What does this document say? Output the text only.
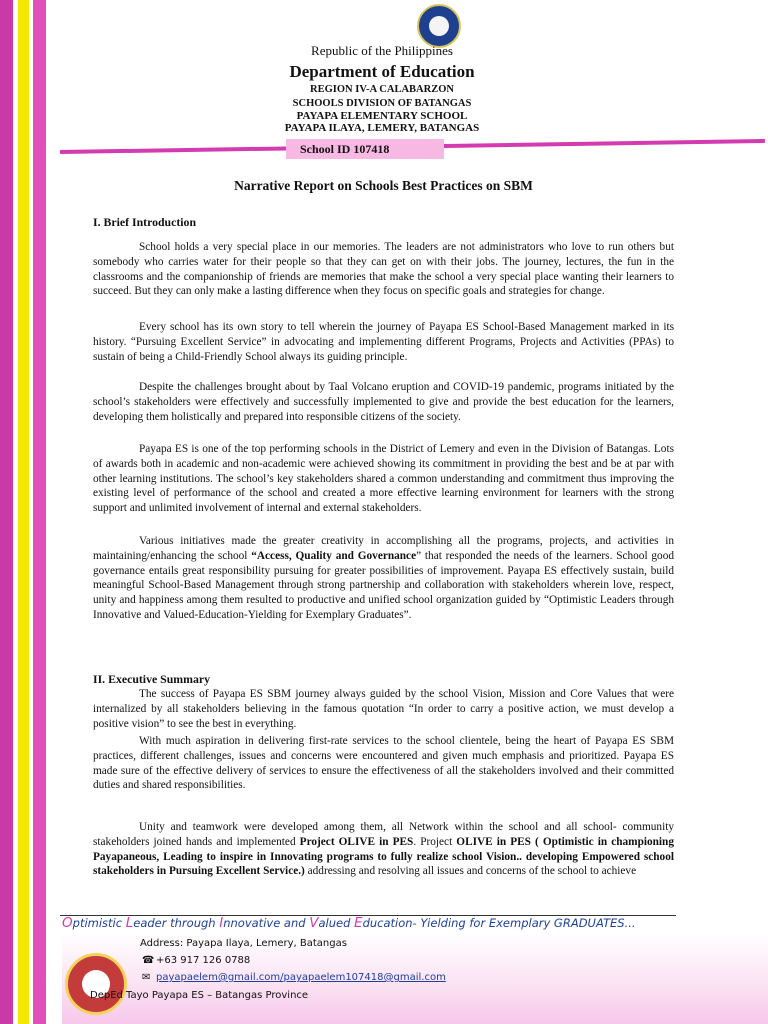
Republic of the Philippines
Department of Education
REGION IV-A CALABARZON
SCHOOLS DIVISION OF BATANGAS
PAYAPA ELEMENTARY SCHOOL
PAYAPA ILAYA, LEMERY, BATANGAS
School ID 107418
Narrative Report on Schools Best Practices on SBM
I. Brief Introduction

School holds a very special place in our memories. The leaders are not administrators who love to run others but somebody who carries water for their people so that they can get on with their jobs. The journey, lectures, the fun in the classrooms and the companionship of friends are memories that make the school a very special place wanting their learners to succeed. But they can only make a lasting difference when they focus on specific goals and strategies for change.

Every school has its own story to tell wherein the journey of Payapa ES School-Based Management marked in its history. “Pursuing Excellent Service” in advocating and implementing different Programs, Projects and Activities (PPAs) to sustain of being a Child-Friendly School always its guiding principle.

Despite the challenges brought about by Taal Volcano eruption and COVID-19 pandemic, programs initiated by the school’s stakeholders were effectively and successfully implemented to give and provide the best education for the learners, developing them holistically and prepared into responsible citizens of the society.

Payapa ES is one of the top performing schools in the District of Lemery and even in the Division of Batangas. Lots of awards both in academic and non-academic were achieved showing its commitment in providing the best and be at par with other learning institutions. The school’s key stakeholders shared a common understanding and commitment thus improving the existing level of performance of the school and created a more effective learning environment for learners with the strong support and unlimited involvement of internal and external stakeholders.

Various initiatives made the greater creativity in accomplishing all the programs, projects, and activities in maintaining/enhancing the school “Access, Quality and Governance” that responded the needs of the learners. School good governance entails great responsibility pursuing for greater possibilities of improvement. Payapa ES effectively sustain, build meaningful School-Based Management through strong partnership and collaboration with stakeholders wherein love, respect, unity and happiness among them resulted to productive and unified school organization guided by “Optimistic Leaders through Innovative and Valued-Education-Yielding for Exemplary Graduates”.

II. Executive Summary

The success of Payapa ES SBM journey always guided by the school Vision, Mission and Core Values that were internalized by all stakeholders believing in the famous quotation “In order to carry a positive action, we must develop a positive vision” to see the best in everything.

With much aspiration in delivering first-rate services to the school clientele, being the heart of Payapa ES SBM practices, different challenges, issues and concerns were encountered and given much emphasis and prioritized. Payapa ES made sure of the effective delivery of services to ensure the effectiveness of all the stakeholders involved and their committed duties and shared responsibilities.

Unity and teamwork were developed among them, all Network within the school and all school- community stakeholders joined hands and implemented Project OLIVE in PES. Project OLIVE in PES ( Optimistic in championing Payapaneous, Leading to inspire in Innovating programs to fully realize school Vision.. developing Empowered school stakeholders in Pursuing Excellent Service.) addressing and resolving all issues and concerns of the school to achieve

Optimistic Leader through Innovative and Valued Education- Yielding for Exemplary GRADUATES...
Address: Payapa Ilaya, Lemery, Batangas
☎ +63 917 126 0788
✉ payapaelem@gmail.com/payapaelem107418@gmail.com
DepEd Tayo Payapa ES – Batangas Province
